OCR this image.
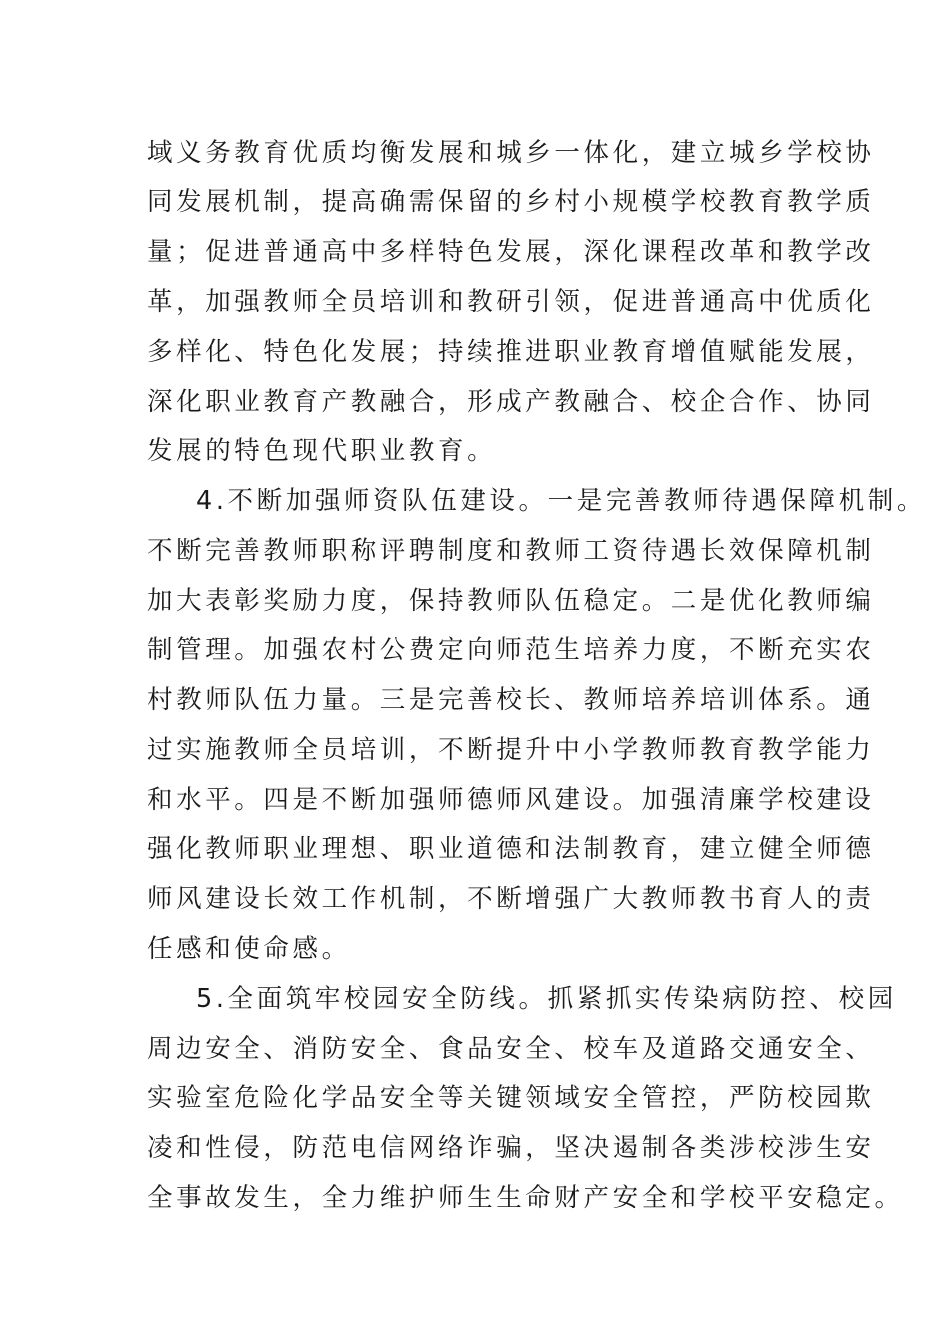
域义务教育优质均衡发展和城乡一体化，建立城乡学校协
同发展机制，提高确需保留的乡村小规模学校教育教学质
量；促进普通高中多样特色发展，深化课程改革和教学改
革，加强教师全员培训和教研引领，促进普通高中优质化
多样化、特色化发展；持续推进职业教育增值赋能发展，
深化职业教育产教融合，形成产教融合、校企合作、协同
发展的特色现代职业教育。
4.不断加强师资队伍建设。一是完善教师待遇保障机制。
不断完善教师职称评聘制度和教师工资待遇长效保障机制
加大表彰奖励力度，保持教师队伍稳定。二是优化教师编
制管理。加强农村公费定向师范生培养力度，不断充实农
村教师队伍力量。三是完善校长、教师培养培训体系。通
过实施教师全员培训，不断提升中小学教师教育教学能力
和水平。四是不断加强师德师风建设。加强清廉学校建设
强化教师职业理想、职业道德和法制教育，建立健全师德
师风建设长效工作机制，不断增强广大教师教书育人的责
任感和使命感。
5.全面筑牢校园安全防线。抓紧抓实传染病防控、校园
周边安全、消防安全、食品安全、校车及道路交通安全、
实验室危险化学品安全等关键领域安全管控，严防校园欺
凌和性侵，防范电信网络诈骗，坚决遏制各类涉校涉生安
全事故发生，全力维护师生生命财产安全和学校平安稳定。
